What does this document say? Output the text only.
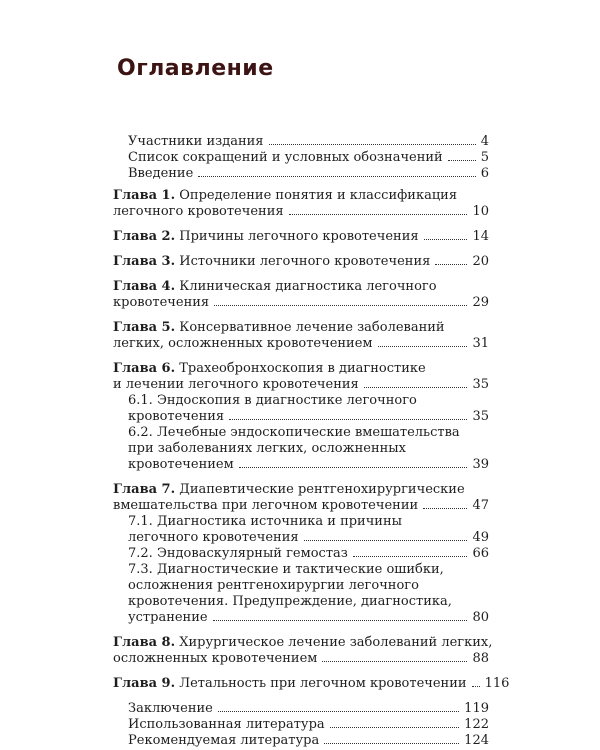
Оглавление
Участники издания	4
Список сокращений и условных обозначений	5
Введение	6
Глава 1. Определение понятия и классификация
легочного кровотечения	10
Глава 2. Причины легочного кровотечения	14
Глава 3. Источники легочного кровотечения	20
Глава 4. Клиническая диагностика легочного
кровотечения	29
Глава 5. Консервативное лечение заболеваний
легких, осложненных кровотечением	31
Глава 6. Трахеобронхоскопия в диагностике
и лечении легочного кровотечения	35
6.1. Эндоскопия в диагностике легочного
кровотечения	35
6.2. Лечебные эндоскопические вмешательства
при заболеваниях легких, осложненных
кровотечением	39
Глава 7. Диапевтические рентгенохирургические
вмешательства при легочном кровотечении	47
7.1. Диагностика источника и причины
легочного кровотечения	49
7.2. Эндоваскулярный гемостаз	66
7.3. Диагностические и тактические ошибки,
осложнения рентгенохирургии легочного
кровотечения. Предупреждение, диагностика,
устранение	80
Глава 8. Хирургическое лечение заболеваний легких,
осложненных кровотечением	88
Глава 9. Летальность при легочном кровотечении 116
Заключение	119
Использованная литература	122
Рекомендуемая литература	124
